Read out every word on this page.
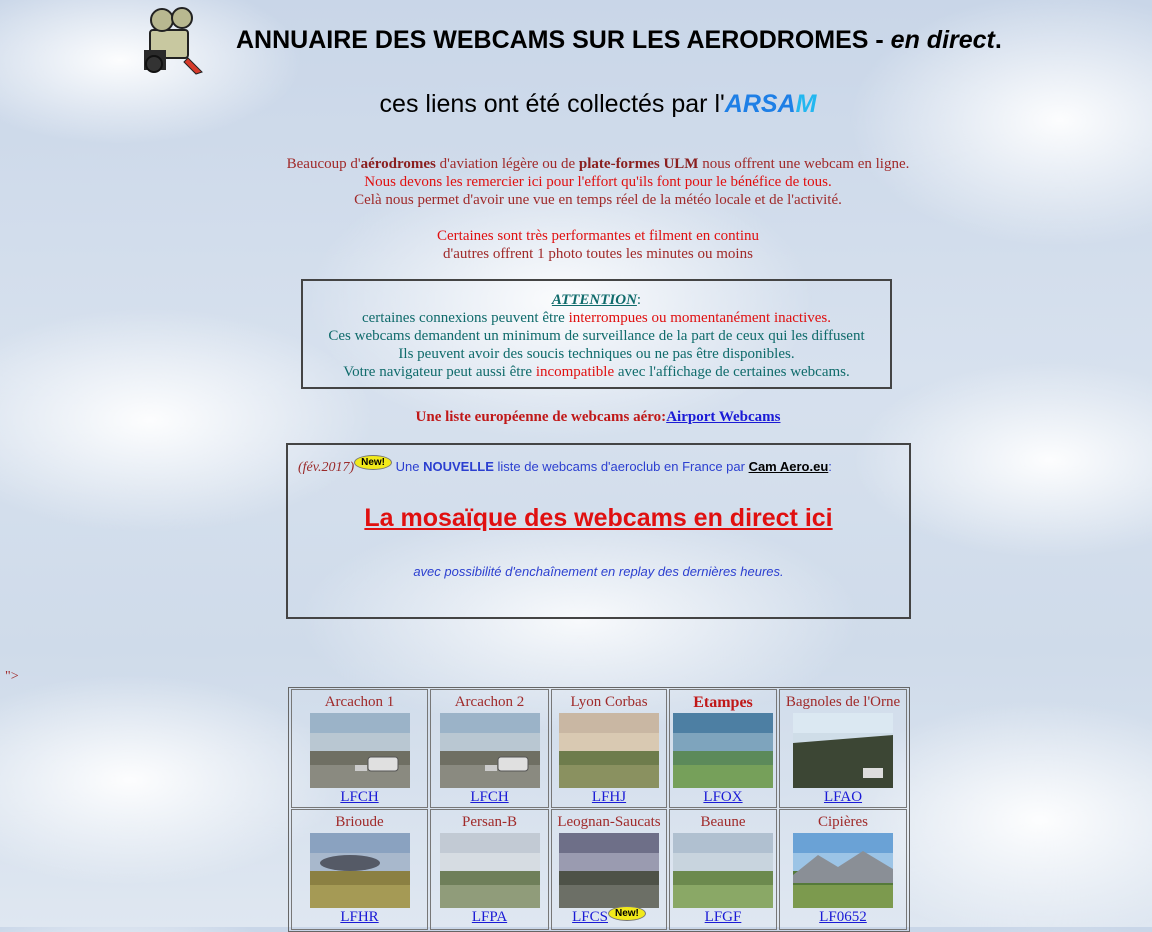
ANNUAIRE DES WEBCAMS SUR LES AERODROMES - en direct.
ces liens ont été collectés par l'ARSAM
Beaucoup d'aérodromes d'aviation légère ou de plate-formes ULM nous offrent une webcam en ligne.
Nous devons les remercier ici pour l'effort qu'ils font pour le bénéfice de tous.
Celà nous permet d'avoir une vue en temps réel de la météo locale et de l'activité.
Certaines sont très performantes et filment en continu
d'autres offrent 1 photo toutes les minutes ou moins
ATTENTION:
certaines connexions peuvent être interrompues ou momentanément inactives.
Ces webcams demandent un minimum de surveillance de la part de ceux qui les diffusent
Ils peuvent avoir des soucis techniques ou ne pas être disponibles.
Votre navigateur peut aussi être incompatible avec l'affichage de certaines webcams.
Une liste européenne de webcams aéro:Airport Webcams
(fév.2017) New! Une NOUVELLE liste de webcams d'aeroclub en France par Cam Aero.eu:
La mosaïque des webcams en direct ici
avec possibilité d'enchaînement en replay des dernières heures.
">
Arcachon 1
LFCH
Arcachon 2
LFCH
Lyon Corbas
LFHJ
Etampes
LFOX
Bagnoles de l'Orne
LFAO
Brioude
LFHR
Persan-B
LFPA
Leognan-Saucats
LFCS New!
Beaune
LFGF
Cipières
LF0652
